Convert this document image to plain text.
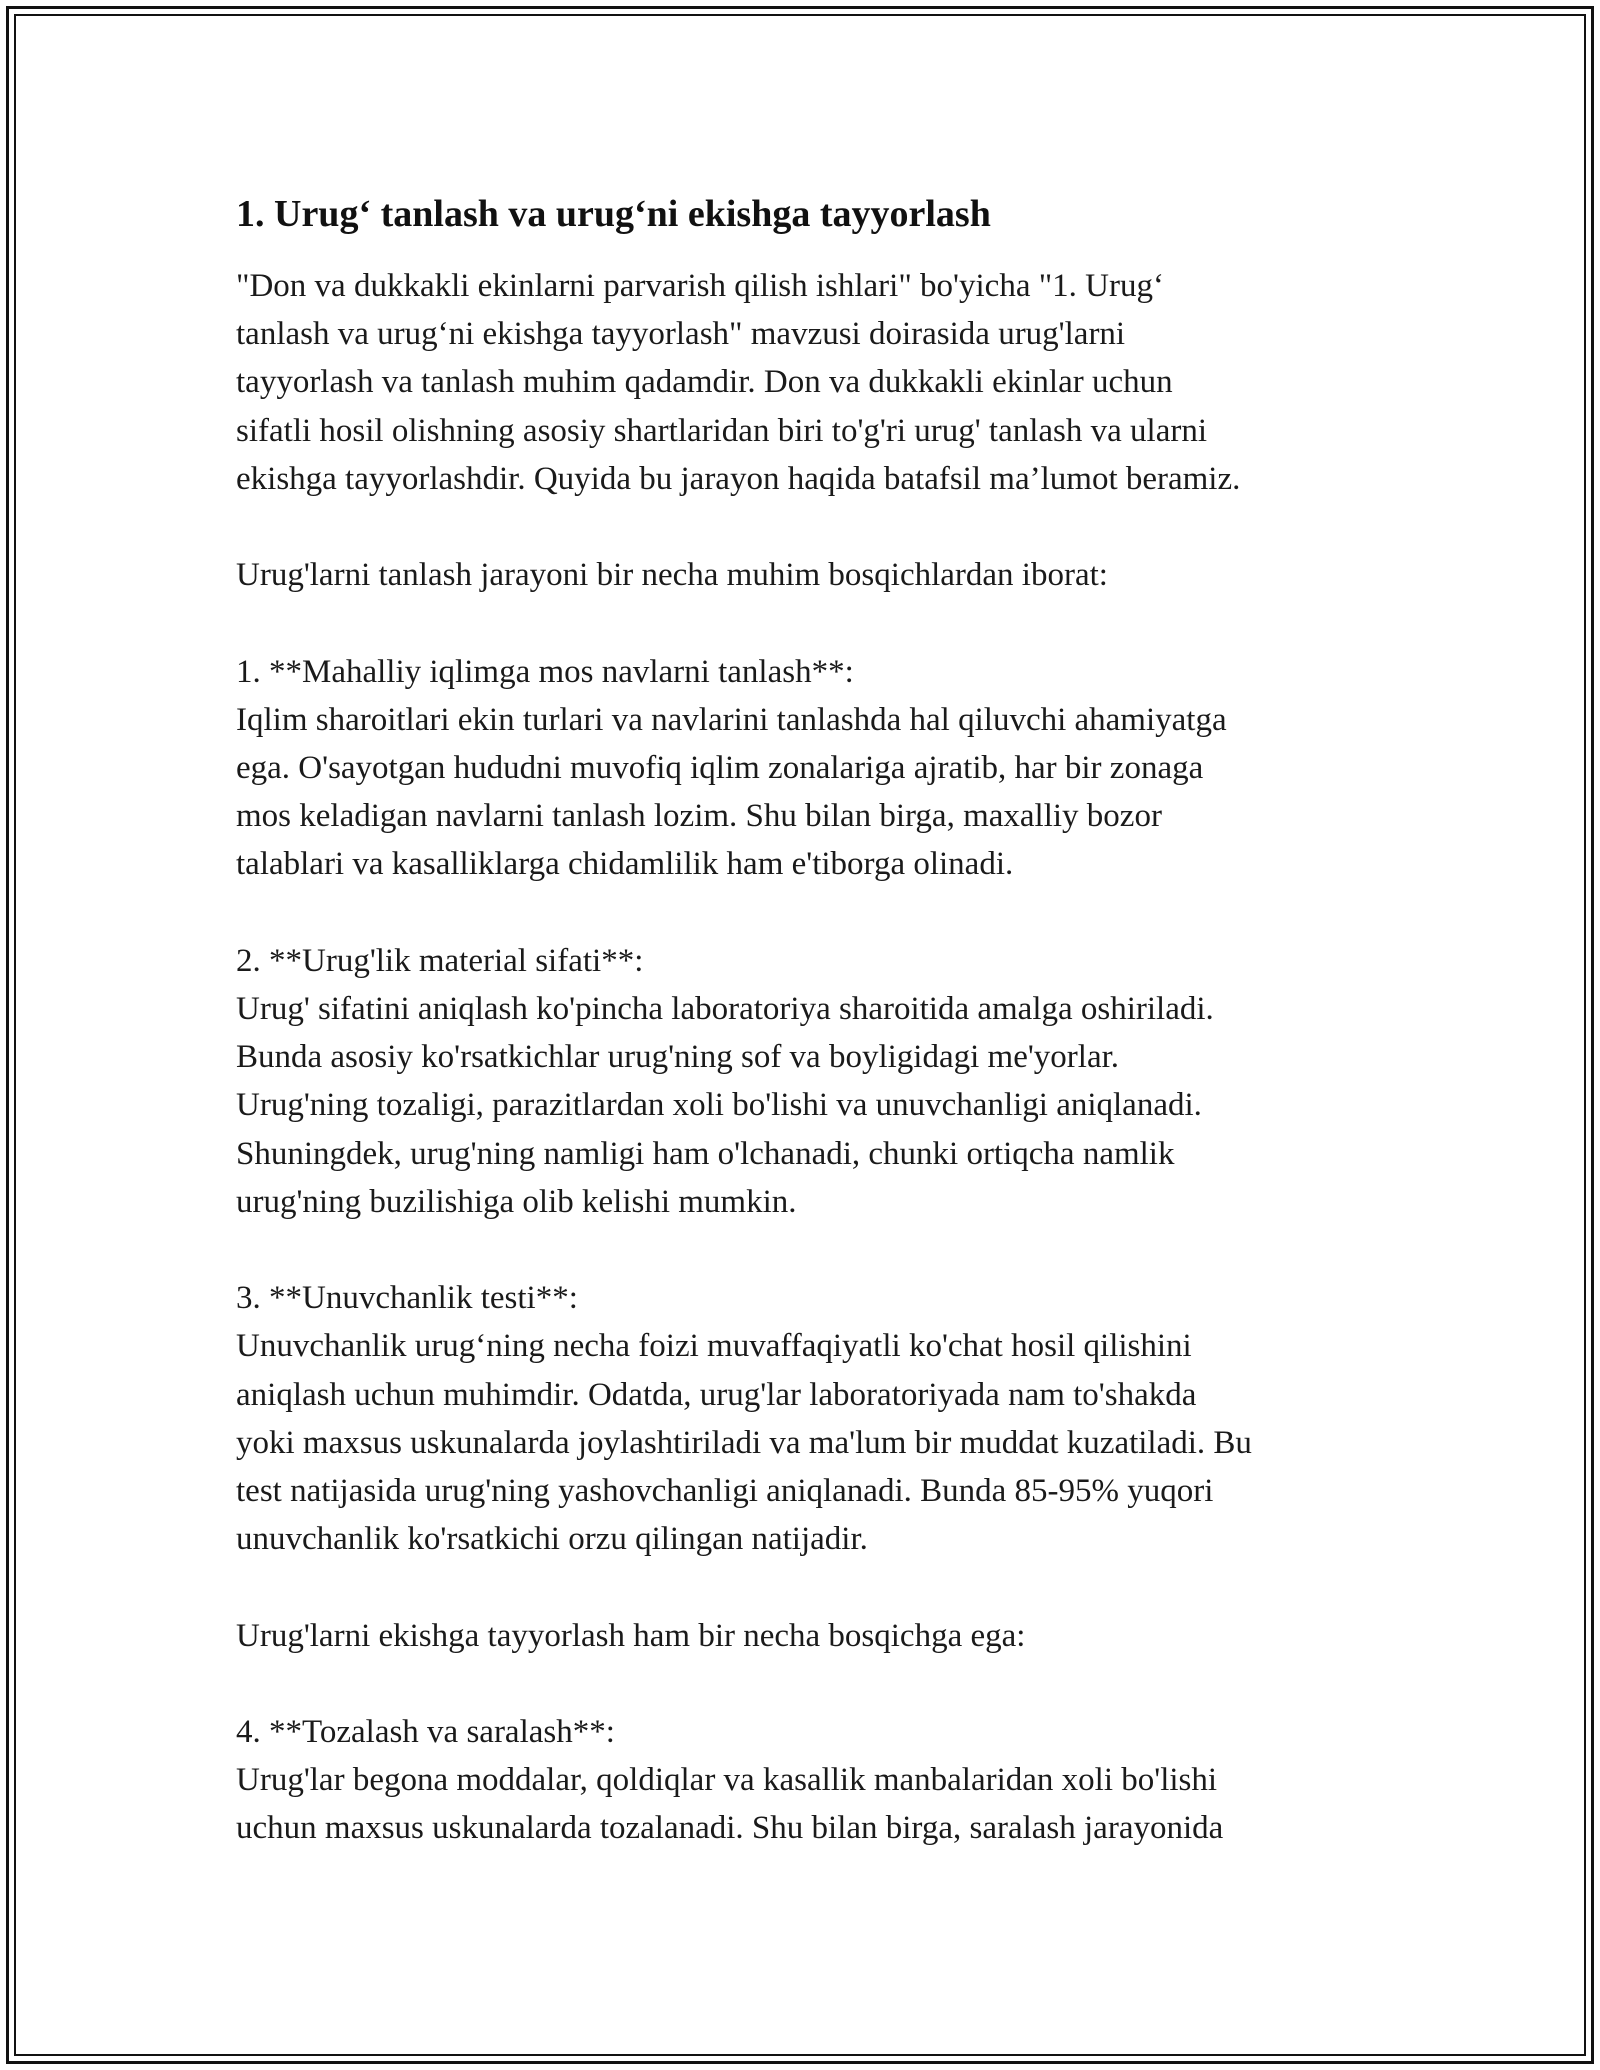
1. Urug‘ tanlash va urug‘ni ekishga tayyorlash

"Don va dukkakli ekinlarni parvarish qilish ishlari" bo'yicha "1. Urug‘
tanlash va urug‘ni ekishga tayyorlash" mavzusi doirasida urug'larni
tayyorlash va tanlash muhim qadamdir. Don va dukkakli ekinlar uchun
sifatli hosil olishning asosiy shartlaridan biri to'g'ri urug' tanlash va ularni
ekishga tayyorlashdir. Quyida bu jarayon haqida batafsil ma’lumot beramiz.

Urug'larni tanlash jarayoni bir necha muhim bosqichlardan iborat:

1. **Mahalliy iqlimga mos navlarni tanlash**:

Iqlim sharoitlari ekin turlari va navlarini tanlashda hal qiluvchi ahamiyatga
ega. O'sayotgan hududni muvofiq iqlim zonalariga ajratib, har bir zonaga
mos keladigan navlarni tanlash lozim. Shu bilan birga, maxalliy bozor
talablari va kasalliklarga chidamlilik ham e'tiborga olinadi.

2. **Urug'lik material sifati**:

Urug' sifatini aniqlash ko'pincha laboratoriya sharoitida amalga oshiriladi.
Bunda asosiy ko'rsatkichlar urug'ning sof va boyligidagi me'yorlar.
Urug'ning tozaligi, parazitlardan xoli bo'lishi va unuvchanligi aniqlanadi.
Shuningdek, urug'ning namligi ham o'lchanadi, chunki ortiqcha namlik
urug'ning buzilishiga olib kelishi mumkin.

3. **Unuvchanlik testi**:

Unuvchanlik urug‘ning necha foizi muvaffaqiyatli ko'chat hosil qilishini
aniqlash uchun muhimdir. Odatda, urug'lar laboratoriyada nam to'shakda
yoki maxsus uskunalarda joylashtiriladi va ma'lum bir muddat kuzatiladi. Bu
test natijasida urug'ning yashovchanligi aniqlanadi. Bunda 85-95% yuqori
unuvchanlik ko'rsatkichi orzu qilingan natijadir.

Urug'larni ekishga tayyorlash ham bir necha bosqichga ega:

4. **Tozalash va saralash**:

Urug'lar begona moddalar, qoldiqlar va kasallik manbalaridan xoli bo'lishi
uchun maxsus uskunalarda tozalanadi. Shu bilan birga, saralash jarayonida
